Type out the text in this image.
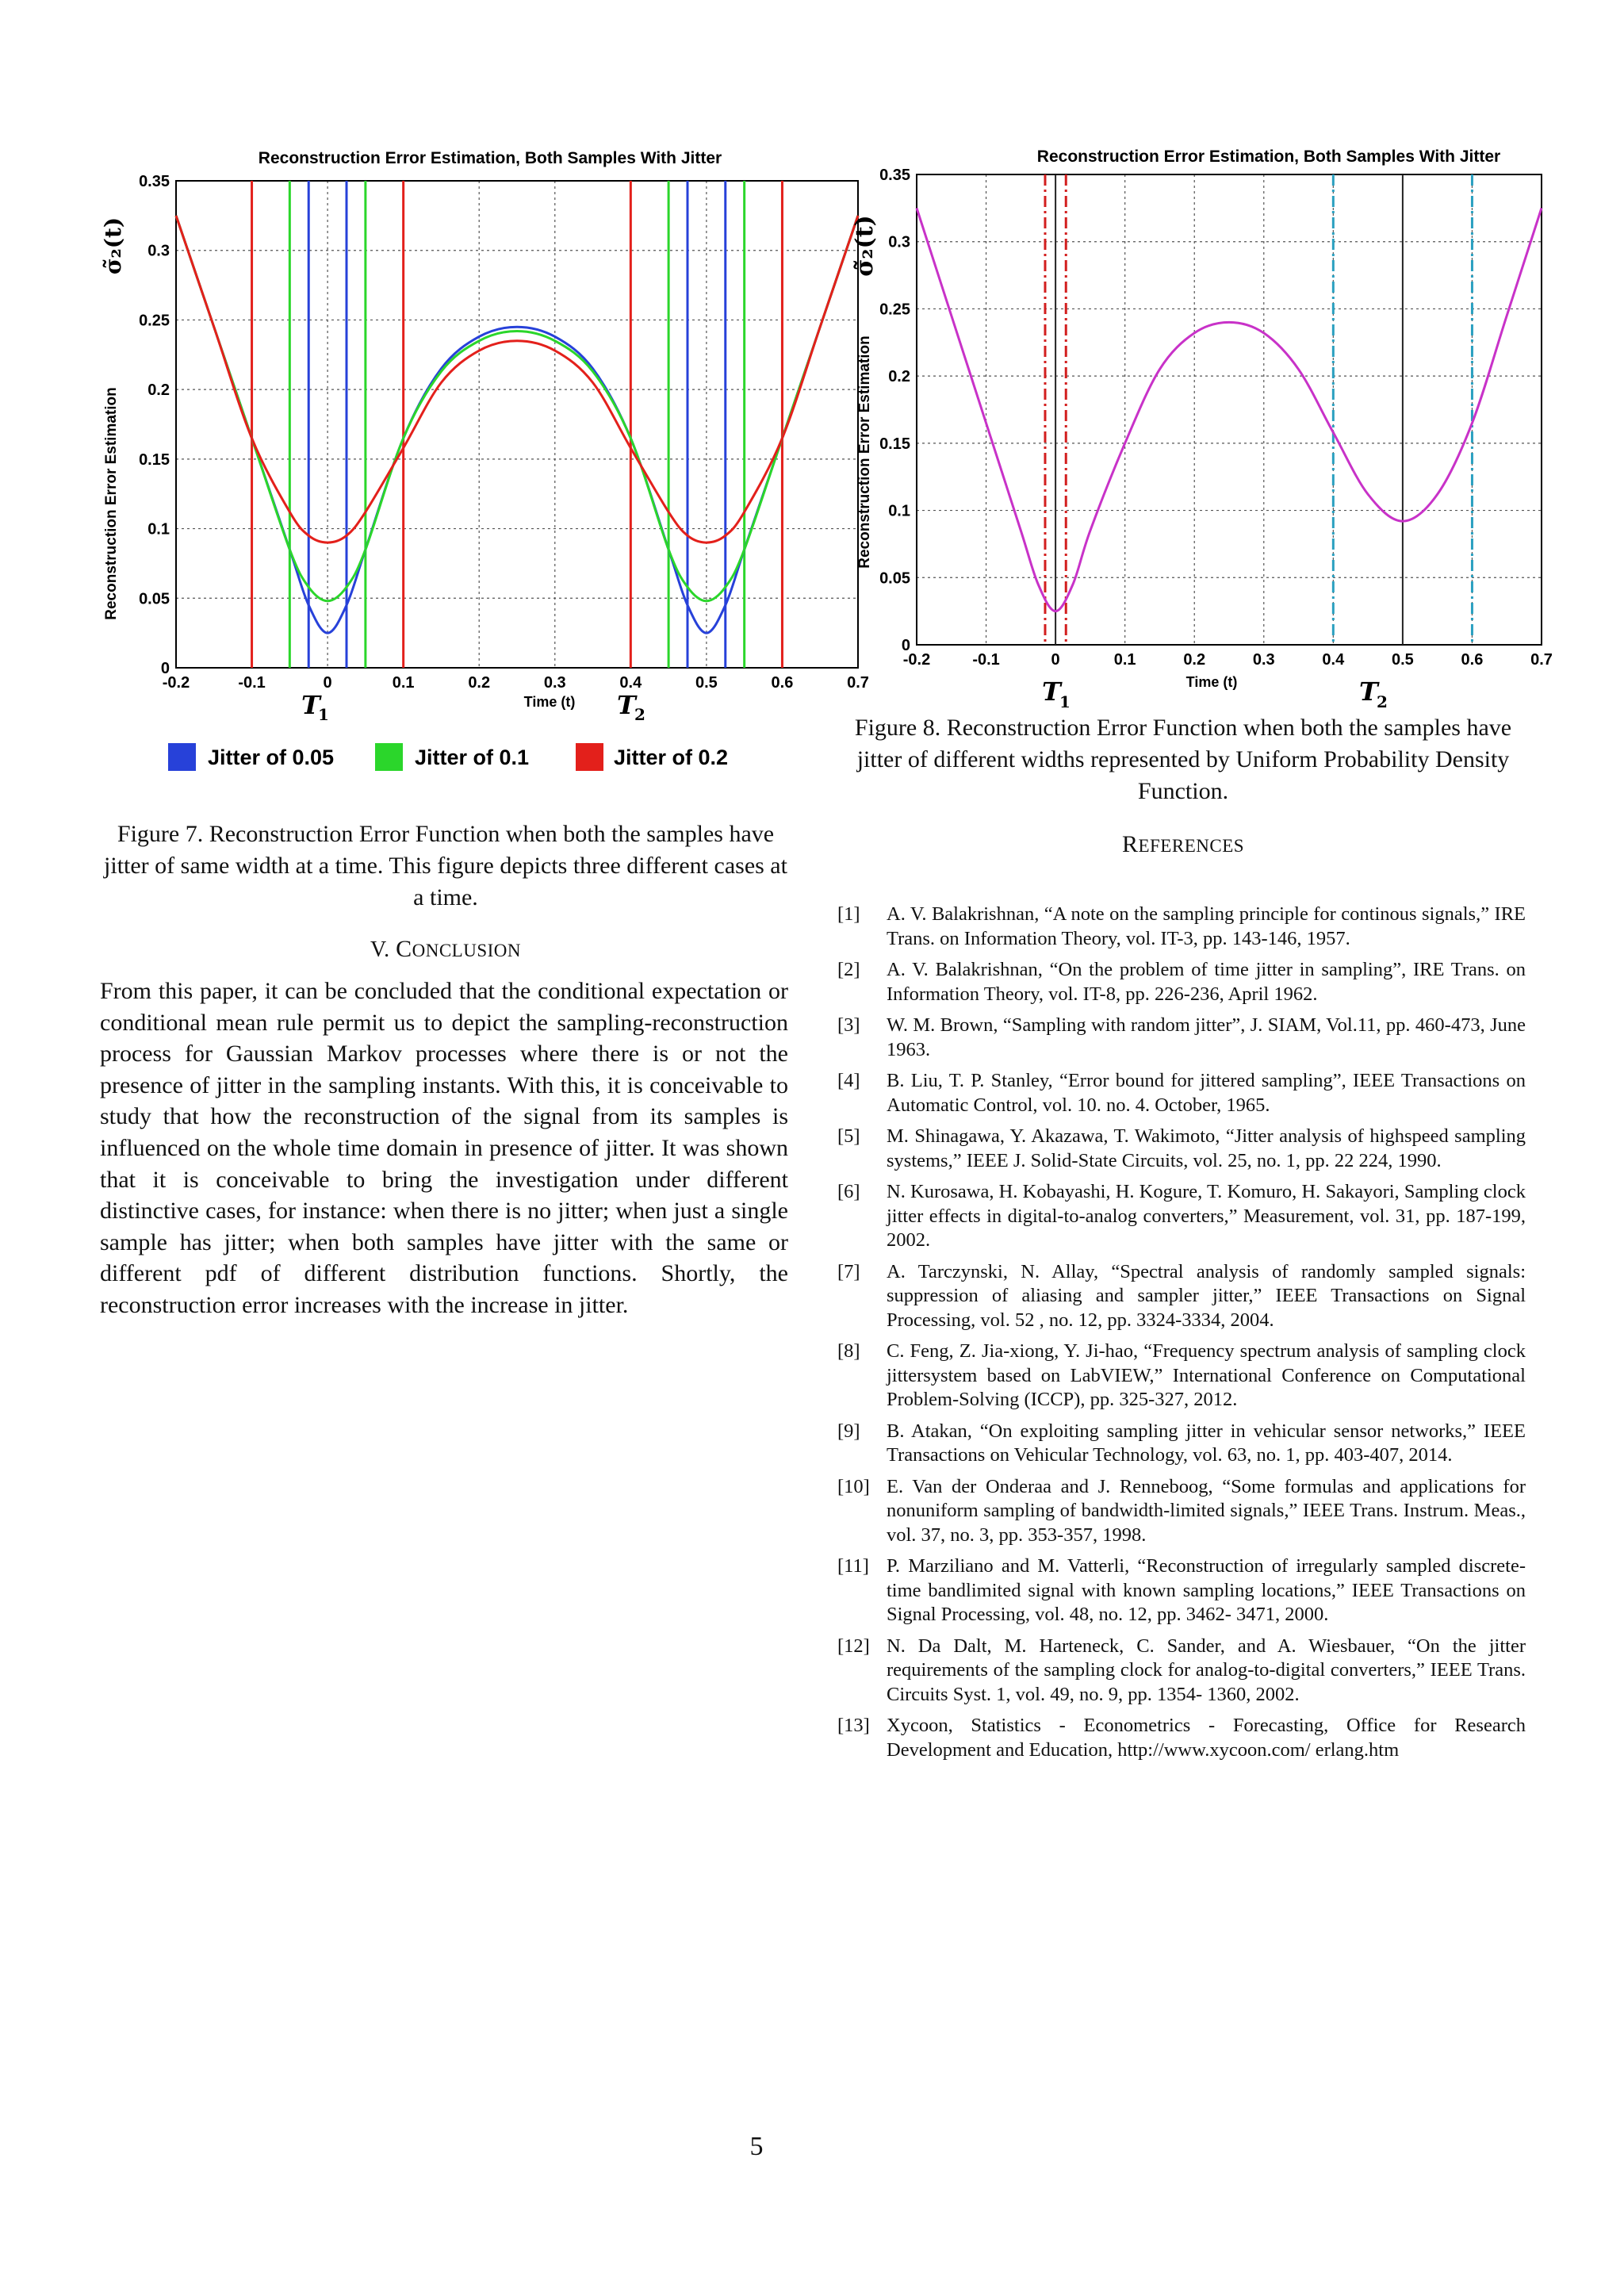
Reconstruction Error Estimation, Both Samples With Jitter
-0.2	-0.1	0	0.1	0.2	0.3	0.4	0.5	0.6	0.7
0
0.05
0.1
0.15
0.2
0.25
0.3
0.35
Time (t)
Reconstruction Error Estimation
σ̃₂(t)
T
1	T
2
Jitter of 0.05	Jitter of 0.1	Jitter of 0.2
Figure 7. Reconstruction Error Function when both the samples have jitter of same width at a time. This figure depicts three different cases at a time.
V. CONCLUSION
From this paper, it can be concluded that the conditional expectation or conditional mean rule permit us to depict the sampling-reconstruction process for Gaussian Markov processes where there is or not the presence of jitter in the sampling instants. With this, it is conceivable to study that how the reconstruction of the signal from its samples is influenced on the whole time domain in presence of jitter. It was shown that it is conceivable to bring the investigation under different distinctive cases, for instance: when there is no jitter; when just a single sample has jitter; when both samples have jitter with the same or different pdf of different distribution functions. Shortly, the reconstruction error increases with the increase in jitter.
Reconstruction Error Estimation, Both Samples With Jitter
-0.2	-0.1	0	0.1	0.2	0.3	0.4	0.5	0.6	0.7
0
0.05
0.1
0.15
0.2
0.25
0.3
0.35
Time (t)
Reconstruction Error Estimation
σ̃₂(t)
T
1	T
2
Figure 8. Reconstruction Error Function when both the samples have jitter of different widths represented by Uniform Probability Density Function.
REFERENCES
[1]	A. V. Balakrishnan, “A note on the sampling principle for continous signals,” IRE Trans. on Information Theory, vol. IT-3, pp. 143-146, 1957.
[2]	A. V. Balakrishnan, “On the problem of time jitter in sampling”, IRE Trans. on Information Theory, vol. IT-8, pp. 226-236, April 1962.
[3]	W. M. Brown, “Sampling with random jitter”, J. SIAM, Vol.11, pp. 460-473, June 1963.
[4]	B. Liu, T. P. Stanley, “Error bound for jittered sampling”, IEEE Transactions on Automatic Control, vol. 10. no. 4. October, 1965.
[5]	M. Shinagawa, Y. Akazawa, T. Wakimoto, “Jitter analysis of highspeed sampling systems,” IEEE J. Solid-State Circuits, vol. 25, no. 1, pp. 22 224, 1990.
[6]	N. Kurosawa, H. Kobayashi, H. Kogure, T. Komuro, H. Sakayori, Sampling clock jitter effects in digital-to-analog converters,” Measurement, vol. 31, pp. 187-199, 2002.
[7]	A. Tarczynski, N. Allay, “Spectral analysis of randomly sampled signals: suppression of aliasing and sampler jitter,” IEEE Transactions on Signal Processing, vol. 52 , no. 12, pp. 3324-3334, 2004.
[8]	C. Feng, Z. Jia-xiong, Y. Ji-hao, “Frequency spectrum analysis of sampling clock jittersystem based on LabVIEW,” International Conference on Computational Problem-Solving (ICCP), pp. 325-327, 2012.
[9]	B. Atakan, “On exploiting sampling jitter in vehicular sensor networks,” IEEE Transactions on Vehicular Technology, vol. 63, no. 1, pp. 403-407, 2014.
[10] E. Van der Onderaa and J. Renneboog, “Some formulas and applications for nonuniform sampling of bandwidth-limited signals,” IEEE Trans. Instrum. Meas., vol. 37, no. 3, pp. 353-357, 1998.
[11] P. Marziliano and M. Vatterli, “Reconstruction of irregularly sampled discrete-time bandlimited signal with known sampling locations,” IEEE Transactions on Signal Processing, vol. 48, no. 12, pp. 3462- 3471, 2000.
[12] N. Da Dalt, M. Harteneck, C. Sander, and A. Wiesbauer, “On the jitter requirements of the sampling clock for analog-to-digital converters,” IEEE Trans. Circuits Syst. 1, vol. 49, no. 9, pp. 1354- 1360, 2002.
[13] Xycoon, Statistics - Econometrics - Forecasting, Office for Research Development and Education, http://www.xycoon.com/ erlang.htm
5
